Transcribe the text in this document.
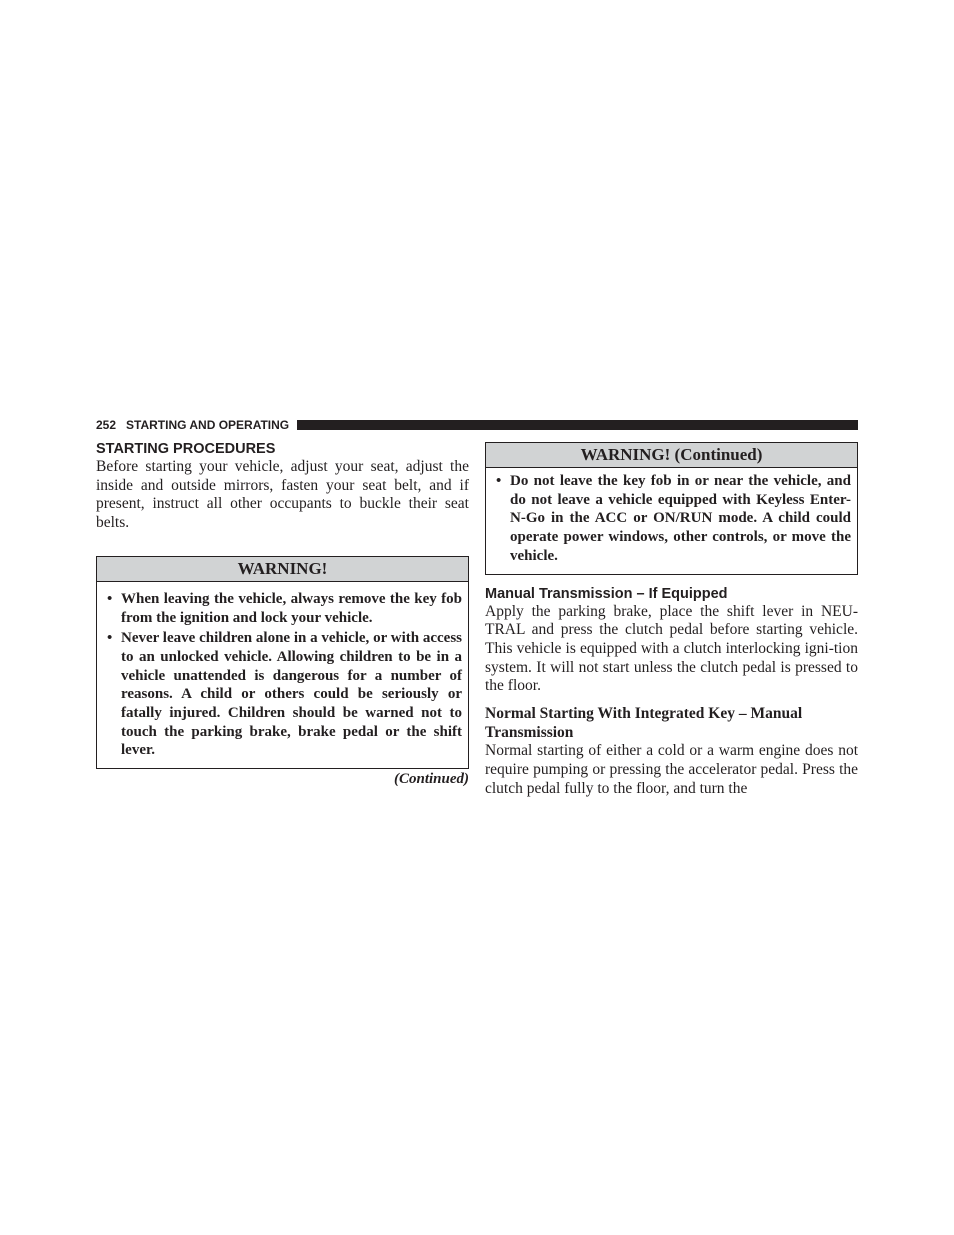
252 STARTING AND OPERATING
STARTING PROCEDURES

Before starting your vehicle, adjust your seat, adjust the inside and outside mirrors, fasten your seat belt, and if present, instruct all other occupants to buckle their seat belts.

WARNING!
• When leaving the vehicle, always remove the key fob from the ignition and lock your vehicle.
• Never leave children alone in a vehicle, or with access to an unlocked vehicle. Allowing children to be in a vehicle unattended is dangerous for a number of reasons. A child or others could be seriously or fatally injured. Children should be warned not to touch the parking brake, brake pedal or the shift lever.
(Continued)
WARNING! (Continued)
• Do not leave the key fob in or near the vehicle, and do not leave a vehicle equipped with Keyless Enter-N-Go in the ACC or ON/RUN mode. A child could operate power windows, other controls, or move the vehicle.
Manual Transmission – If Equipped

Apply the parking brake, place the shift lever in NEU-TRAL and press the clutch pedal before starting vehicle. This vehicle is equipped with a clutch interlocking igni-tion system. It will not start unless the clutch pedal is pressed to the floor.

Normal Starting With Integrated Key – Manual Transmission

Normal starting of either a cold or a warm engine does not require pumping or pressing the accelerator pedal. Press the clutch pedal fully to the floor, and turn the
